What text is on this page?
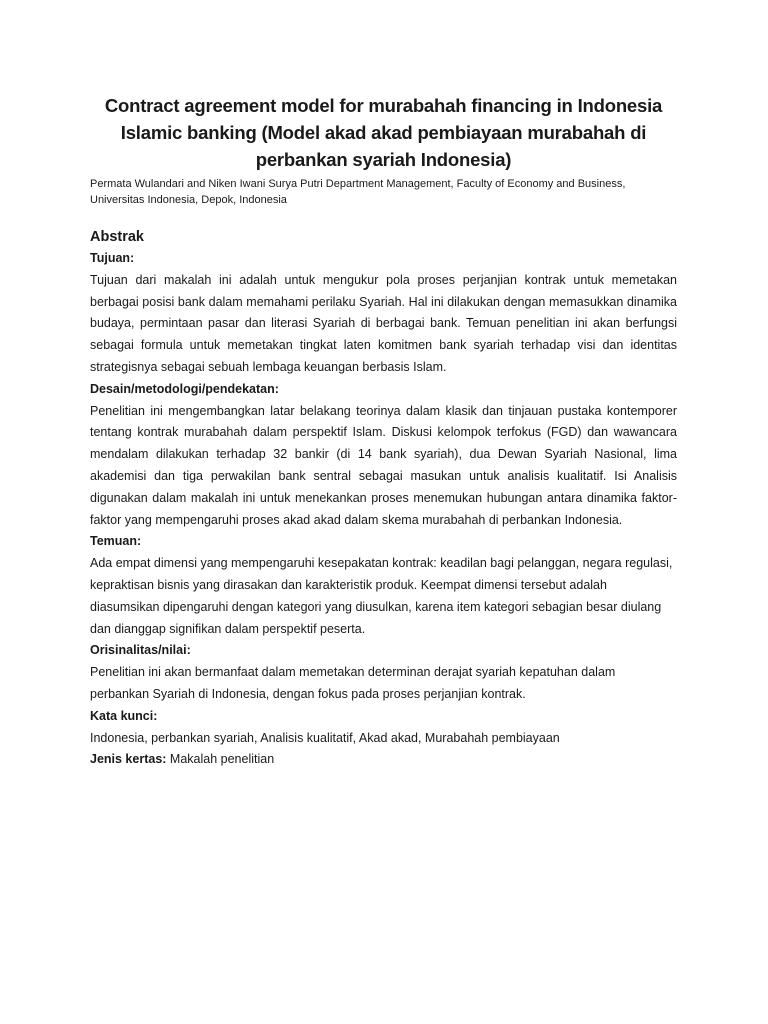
Contract agreement model for murabahah financing in Indonesia Islamic banking (Model akad akad pembiayaan murabahah di perbankan syariah Indonesia)

Permata Wulandari and Niken Iwani Surya Putri Department Management, Faculty of Economy and Business, Universitas Indonesia, Depok, Indonesia

Abstrak

Tujuan:

Tujuan dari makalah ini adalah untuk mengukur pola proses perjanjian kontrak untuk memetakan berbagai posisi bank dalam memahami perilaku Syariah. Hal ini dilakukan dengan memasukkan dinamika budaya, permintaan pasar dan literasi Syariah di berbagai bank. Temuan penelitian ini akan berfungsi sebagai formula untuk memetakan tingkat laten komitmen bank syariah terhadap visi dan identitas strategisnya sebagai sebuah lembaga keuangan berbasis Islam.

Desain/metodologi/pendekatan:

Penelitian ini mengembangkan latar belakang teorinya dalam klasik dan tinjauan pustaka kontemporer tentang kontrak murabahah dalam perspektif Islam. Diskusi kelompok terfokus (FGD) dan wawancara mendalam dilakukan terhadap 32 bankir (di 14 bank syariah), dua Dewan Syariah Nasional, lima akademisi dan tiga perwakilan bank sentral sebagai masukan untuk analisis kualitatif. Isi Analisis digunakan dalam makalah ini untuk menekankan proses menemukan hubungan antara dinamika faktor-faktor yang mempengaruhi proses akad akad dalam skema murabahah di perbankan Indonesia.

Temuan:

Ada empat dimensi yang mempengaruhi kesepakatan kontrak: keadilan bagi pelanggan, negara regulasi, kepraktisan bisnis yang dirasakan dan karakteristik produk. Keempat dimensi tersebut adalah diasumsikan dipengaruhi dengan kategori yang diusulkan, karena item kategori sebagian besar diulang dan dianggap signifikan dalam perspektif peserta.

Orisinalitas/nilai:

Penelitian ini akan bermanfaat dalam memetakan determinan derajat syariah kepatuhan dalam perbankan Syariah di Indonesia, dengan fokus pada proses perjanjian kontrak.

Kata kunci:

Indonesia, perbankan syariah, Analisis kualitatif, Akad akad, Murabahah pembiayaan

Jenis kertas: Makalah penelitian
